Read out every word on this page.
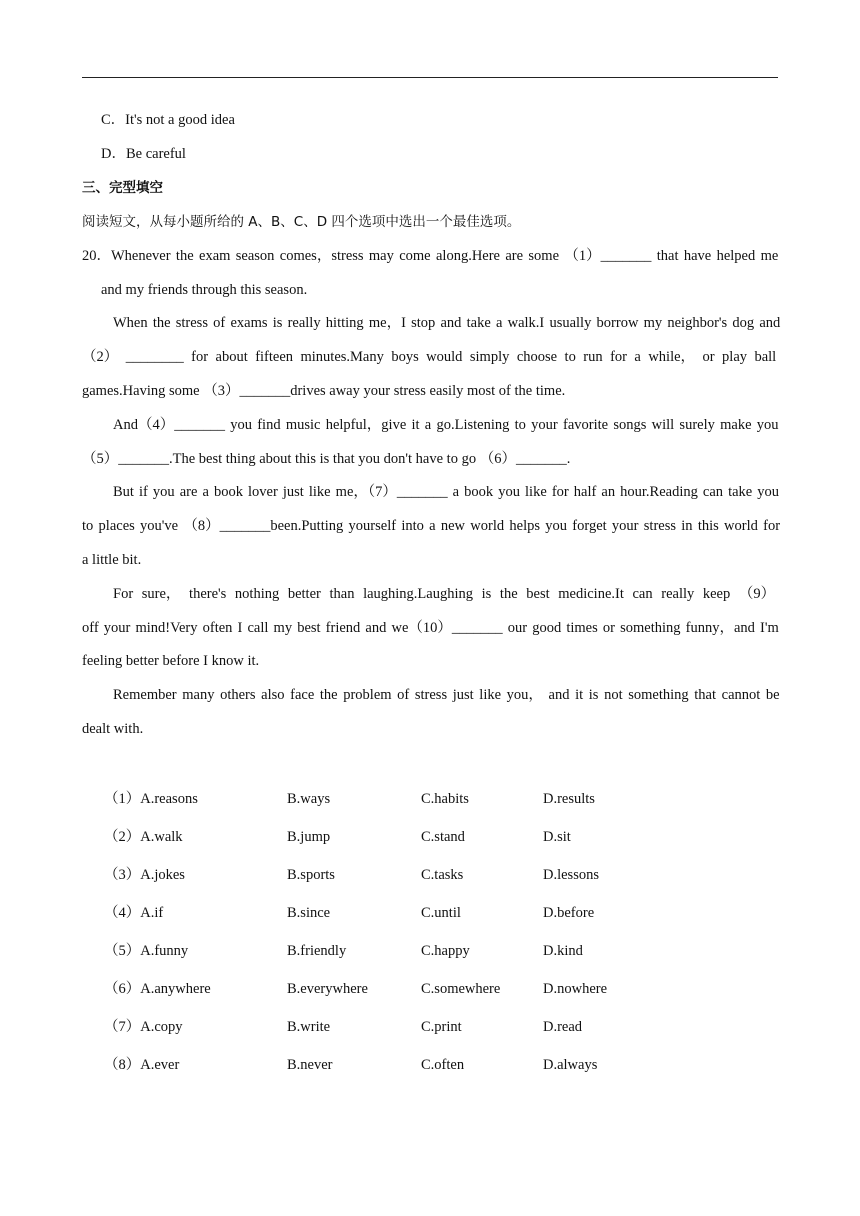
C．It's not a good idea
D．Be careful
三、完型填空
阅读短文，从每小题所给的 A、B、C、D 四个选项中选出一个最佳选项。
20．Whenever the exam season comes，stress may come along.Here are some （1）_______ that have helped me
and my friends through this season.
When the stress of exams is really hitting me，I stop and take a walk.I usually borrow my neighbor's dog and
（2） ________ for about fifteen minutes.Many boys would simply choose to run for a while， or play ball
games.Having some （3）_______drives away your stress easily most of the time.
And（4）_______ you find music helpful，give it a go.Listening to your favorite songs will surely make you
（5）_______.The best thing about this is that you don't have to go （6）_______.
But if you are a book lover just like me，（7）_______ a book you like for half an hour.Reading can take you
to places you've （8）_______been.Putting yourself into a new world helps you forget your stress in this world for
a little bit.
For sure， there's nothing better than laughing.Laughing is the best medicine.It can really keep （9）
off your mind!Very often I call my best friend and we（10）_______ our good times or something funny，and I'm
feeling better before I know it.
Remember many others also face the problem of stress just like you， and it is not something that cannot be
dealt with.
（1）A.reasons	B.ways	C.habits	D.results
（2）A.walk	B.jump	C.stand	D.sit
（3）A.jokes	B.sports	C.tasks	D.lessons
（4）A.if	B.since	C.until	D.before
（5）A.funny	B.friendly	C.happy	D.kind
（6）A.anywhere	B.everywhere	C.somewhere	D.nowhere
（7）A.copy	B.write	C.print	D.read
（8）A.ever	B.never	C.often	D.always
